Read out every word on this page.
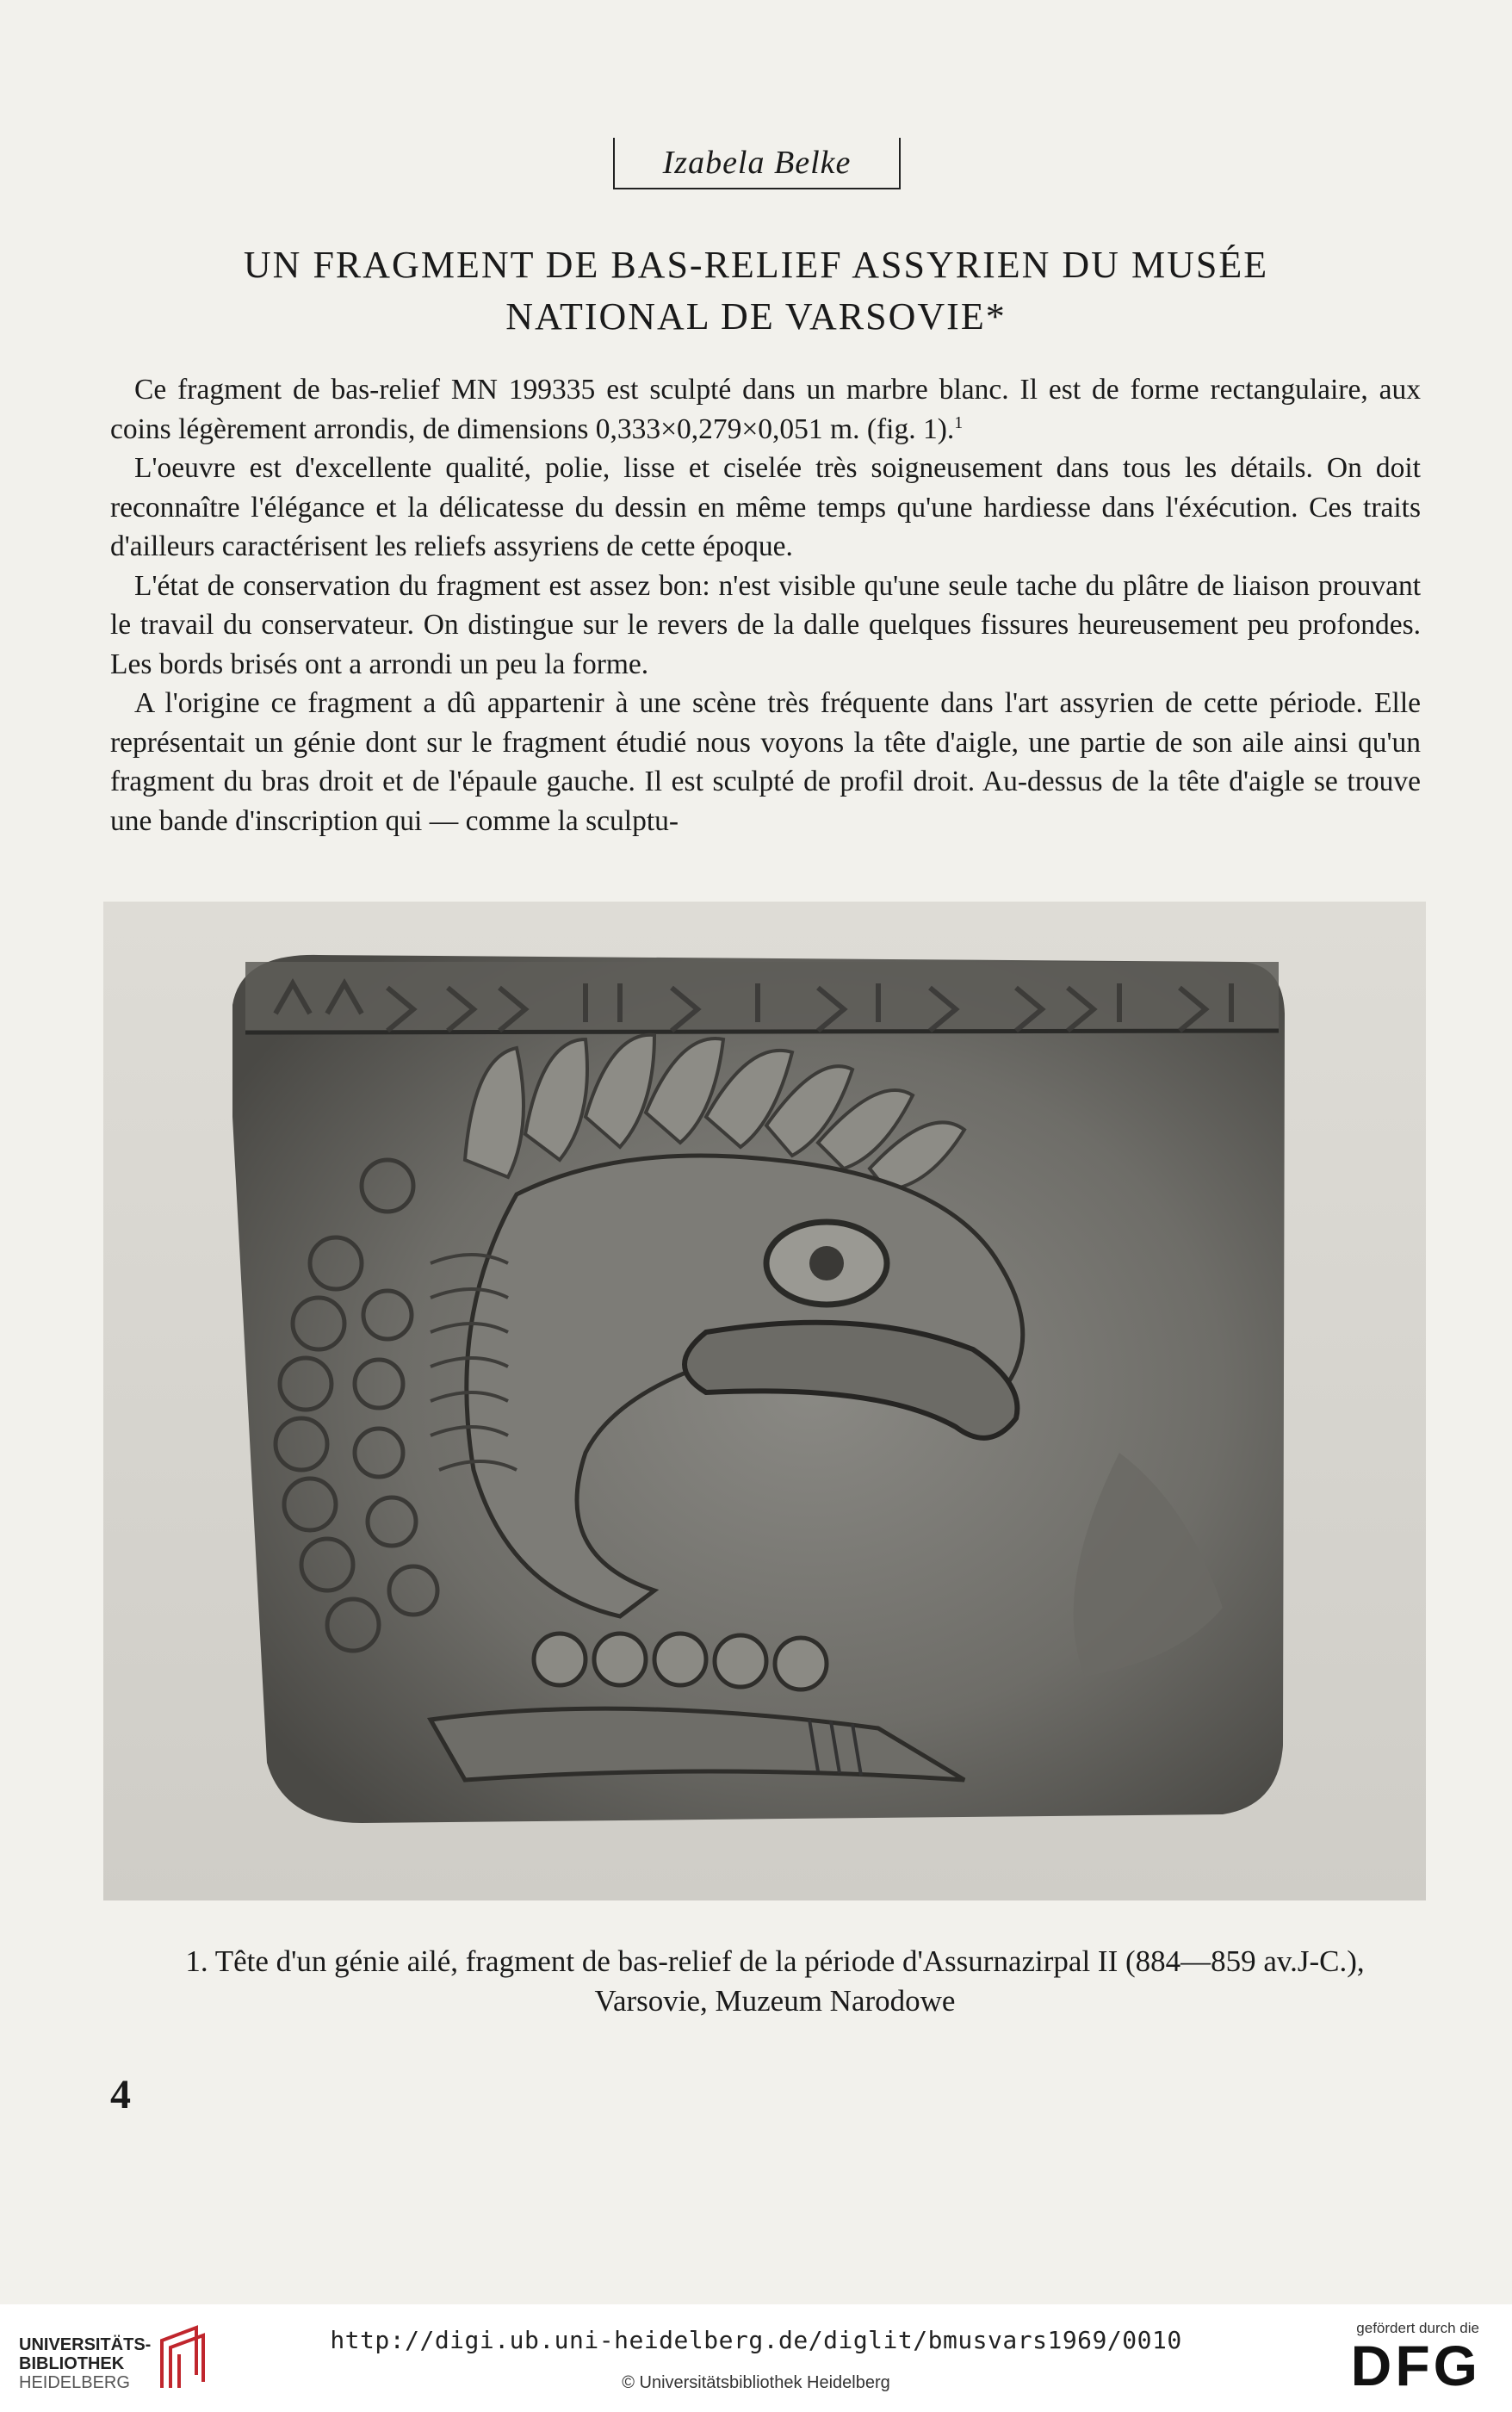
Izabela Belke
UN FRAGMENT DE BAS-RELIEF ASSYRIEN DU MUSÉE
NATIONAL DE VARSOVIE*

Ce fragment de bas-relief MN 199335 est sculpté dans un marbre blanc. Il est de forme rectangulaire, aux coins légèrement arrondis, de dimensions 0,333×0,279×0,051 m. (fig. 1).$^1$

L'oeuvre est d'excellente qualité, polie, lisse et ciselée très soigneusement dans tous les détails. On doit reconnaître l'élégance et la délicatesse du dessin en même temps qu'une hardiesse dans l'éxécution. Ces traits d'ailleurs caractérisent les reliefs assyriens de cette époque.

L'état de conservation du fragment est assez bon: n'est visible qu'une seule tache du plâtre de liaison prouvant le travail du conservateur. On distingue sur le revers de la dalle quelques fissures heureusement peu profondes. Les bords brisés ont a arrondi un peu la forme.

A l'origine ce fragment a dû appartenir à une scène très fréquente dans l'art assyrien de cette période. Elle représentait un génie dont sur le fragment étudié nous voyons la tête d'aigle, une partie de son aile ainsi qu'un fragment du bras droit et de l'épaule gauche. Il est sculpté de profil droit. Au-dessus de la tête d'aigle se trouve une bande d'inscription qui — comme la sculptu-

1. Tête d'un génie ailé, fragment de bas-relief de la période d'Assurnazirpal II (884—859 av.J-C.),
Varsovie, Muzeum Narodowe
4
UNIVERSITÄTS-
BIBLIOTHEK
HEIDELBERG
http://digi.ub.uni-heidelberg.de/diglit/bmusvars1969/0010
© Universitätsbibliothek Heidelberg
gefördert durch die
DFG
